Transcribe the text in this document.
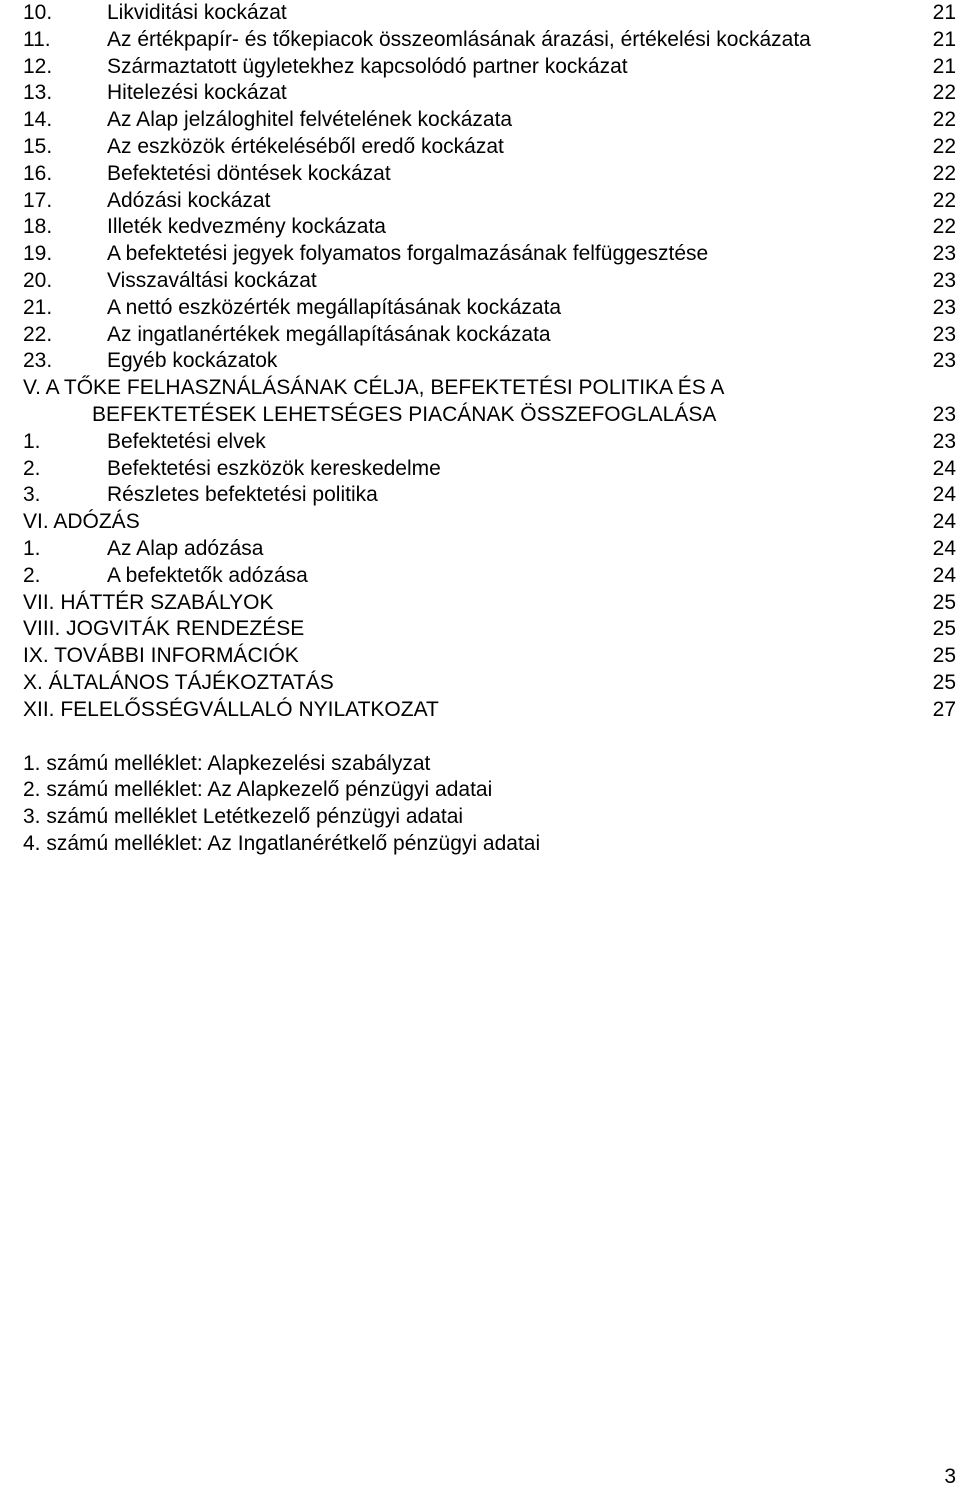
10.	Likviditási kockázat	21
11.	Az értékpapír- és tőkepiacok összeomlásának árazási, értékelési kockázata	21
12.	Származtatott ügyletekhez kapcsolódó partner kockázat	21
13.	Hitelezési kockázat	22
14.	Az Alap jelzáloghitel felvételének kockázata	22
15.	Az eszközök értékeléséből eredő kockázat	22
16.	Befektetési döntések kockázat	22
17.	Adózási kockázat	22
18.	Illeték kedvezmény kockázata	22
19.	A befektetési jegyek folyamatos forgalmazásának felfüggesztése	23
20.	Visszaváltási kockázat	23
21.	A nettó eszközérték megállapításának kockázata	23
22.	Az ingatlanértékek megállapításának kockázata	23
23.	Egyéb kockázatok	23
V. A TŐKE FELHASZNÁLÁSÁNAK CÉLJA, BEFEKTETÉSI POLITIKA ÉS A
BEFEKTETÉSEK LEHETSÉGES PIACÁNAK ÖSSZEFOGLALÁSA	23
1.	Befektetési elvek	23
2.	Befektetési eszközök kereskedelme	24
3.	Részletes befektetési politika	24
VI. ADÓZÁS	24
1.	Az Alap adózása	24
2.	A befektetők adózása	24
VII. HÁTTÉR SZABÁLYOK	25
VIII. JOGVITÁK RENDEZÉSE	25
IX. TOVÁBBI INFORMÁCIÓK	25
X. ÁLTALÁNOS TÁJÉKOZTATÁS	25
XII. FELELŐSSÉGVÁLLALÓ NYILATKOZAT	27
1. számú melléklet: Alapkezelési szabályzat
2. számú melléklet: Az Alapkezelő pénzügyi adatai
3. számú melléklet Letétkezelő pénzügyi adatai
4. számú melléklet: Az Ingatlanérétkelő pénzügyi adatai
3
